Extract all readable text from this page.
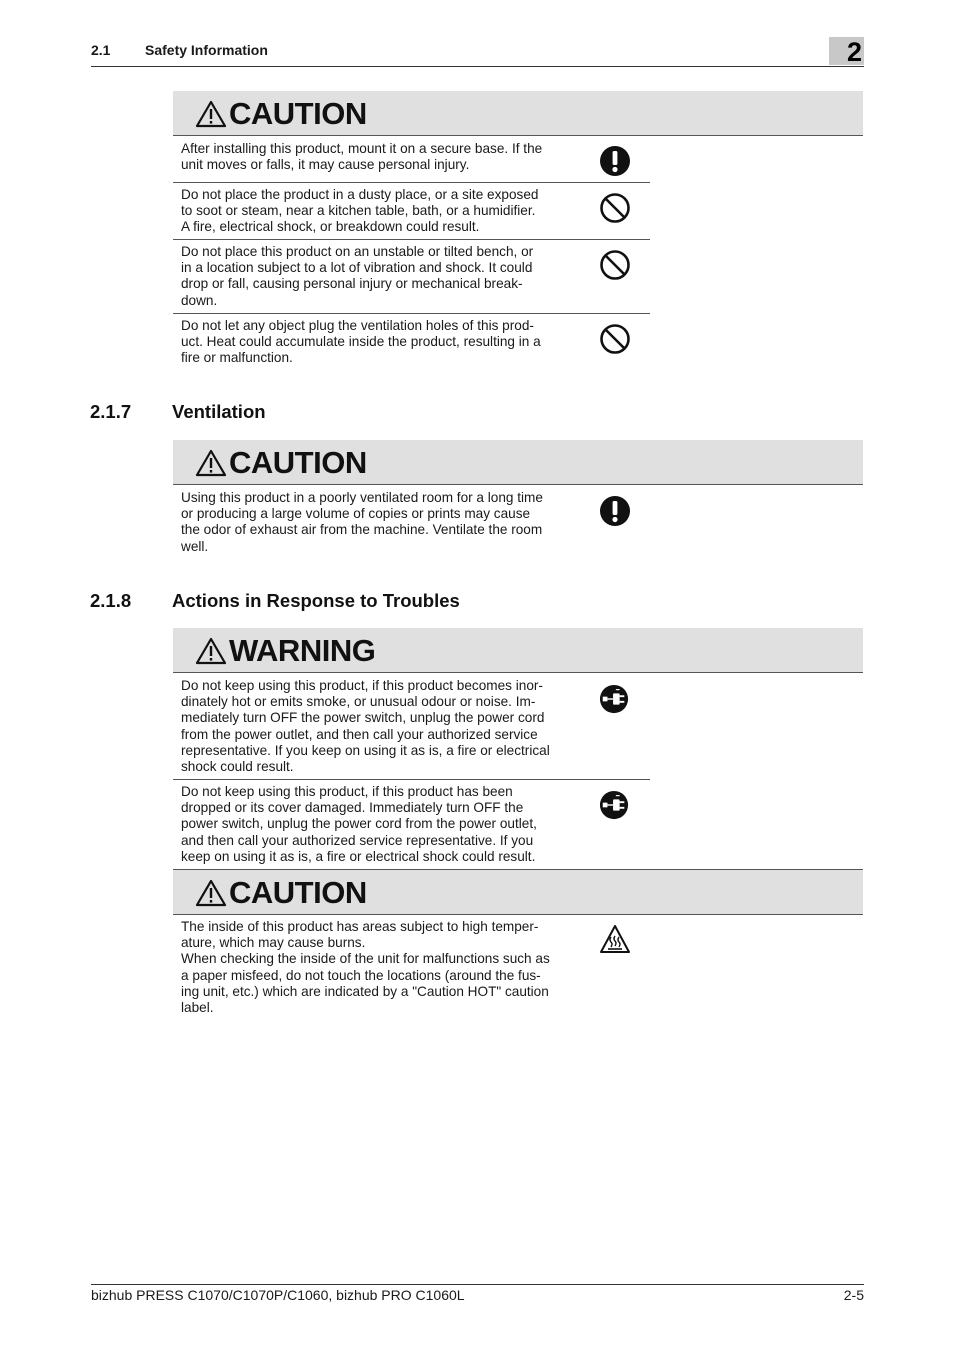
2.1 Safety Information	2
CAUTION
After installing this product, mount it on a secure base. If the
unit moves or falls, it may cause personal injury.
Do not place the product in a dusty place, or a site exposed
to soot or steam, near a kitchen table, bath, or a humidifier.
A fire, electrical shock, or breakdown could result.
Do not place this product on an unstable or tilted bench, or
in a location subject to a lot of vibration and shock. It could
drop or fall, causing personal injury or mechanical break-
down.
Do not let any object plug the ventilation holes of this prod-
uct. Heat could accumulate inside the product, resulting in a
fire or malfunction.
2.1.7 Ventilation
CAUTION
Using this product in a poorly ventilated room for a long time
or producing a large volume of copies or prints may cause
the odor of exhaust air from the machine. Ventilate the room
well.
2.1.8 Actions in Response to Troubles
WARNING
Do not keep using this product, if this product becomes inor-
dinately hot or emits smoke, or unusual odour or noise. Im-
mediately turn OFF the power switch, unplug the power cord
from the power outlet, and then call your authorized service
representative. If you keep on using it as is, a fire or electrical
shock could result.
Do not keep using this product, if this product has been
dropped or its cover damaged. Immediately turn OFF the
power switch, unplug the power cord from the power outlet,
and then call your authorized service representative. If you
keep on using it as is, a fire or electrical shock could result.
CAUTION
The inside of this product has areas subject to high temper-
ature, which may cause burns.
When checking the inside of the unit for malfunctions such as
a paper misfeed, do not touch the locations (around the fus-
ing unit, etc.) which are indicated by a "Caution HOT" caution
label.
bizhub PRESS C1070/C1070P/C1060, bizhub PRO C1060L	2-5
